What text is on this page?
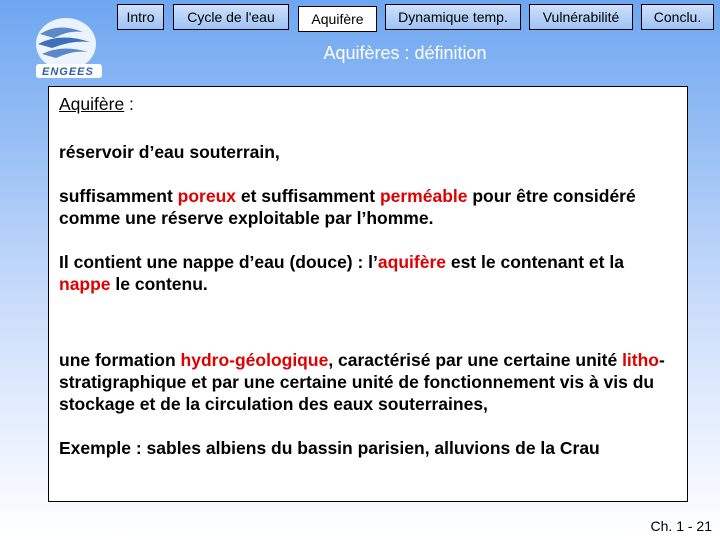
ENGEES
Intro	Cycle de l'eau	Aquifère	Dynamique temp.	Vulnérabilité	Conclu.
Aquifères : définition

Aquifère :

réservoir d’eau souterrain,

suffisamment poreux et suffisamment perméable pour être considéré comme une réserve exploitable par l’homme.

Il contient une nappe d’eau (douce) : l’aquifère est le contenant et la nappe le contenu.

une formation hydro-géologique, caractérisé par une certaine unité litho-stratigraphique et par une certaine unité de fonctionnement vis à vis du stockage et de la circulation des eaux souterraines,

Exemple : sables albiens du bassin parisien, alluvions de la Crau

Ch. 1 - 21
